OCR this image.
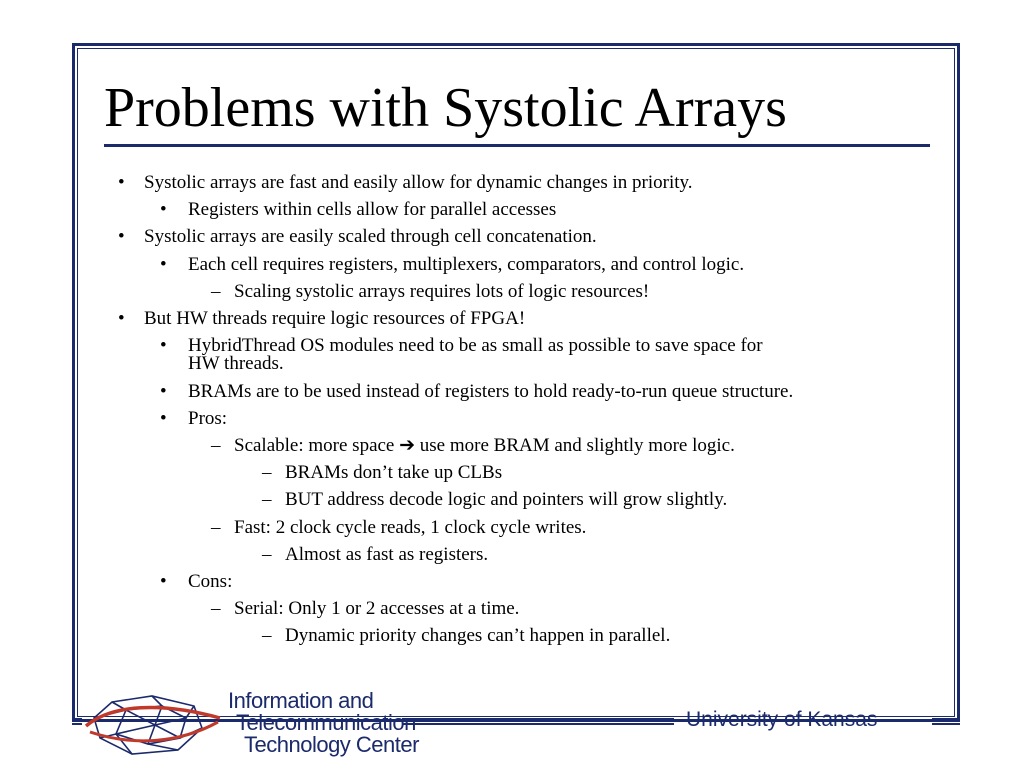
Problems with Systolic Arrays
• Systolic arrays are fast and easily allow for dynamic changes in priority.
• Registers within cells allow for parallel accesses
• Systolic arrays are easily scaled through cell concatenation.
• Each cell requires registers, multiplexers, comparators, and control logic.
– Scaling systolic arrays requires lots of logic resources!
• But HW threads require logic resources of FPGA!
• HybridThread OS modules need to be as small as possible to save space for
HW threads.
• BRAMs are to be used instead of registers to hold ready-to-run queue structure.
• Pros:
– Scalable: more space ➔ use more BRAM and slightly more logic.
– BRAMs don’t take up CLBs
– BUT address decode logic and pointers will grow slightly.
– Fast: 2 clock cycle reads, 1 clock cycle writes.
– Almost as fast as registers.
• Cons:
– Serial: Only 1 or 2 accesses at a time.
– Dynamic priority changes can’t happen in parallel.
University of Kansas
Information and
Telecommunication
Technology Center
